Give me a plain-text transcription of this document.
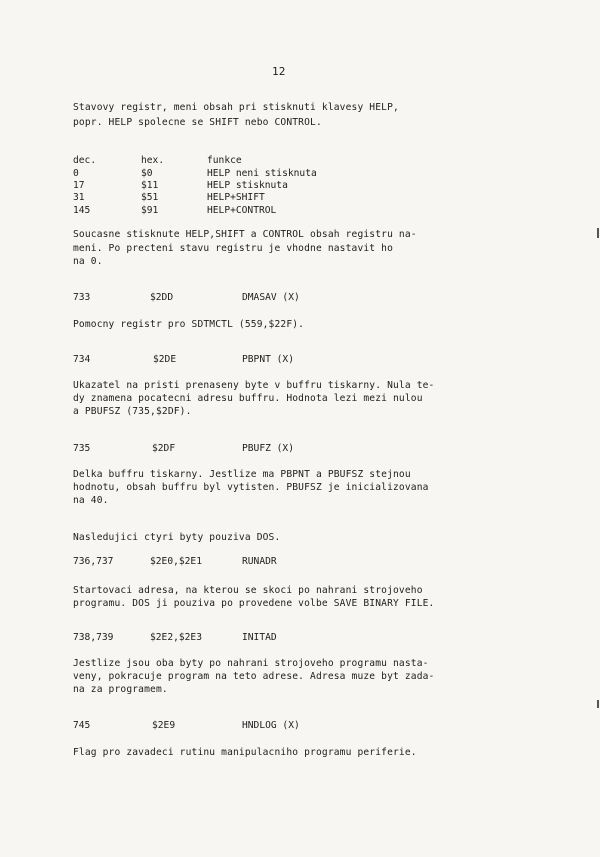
12
Stavovy registr, meni obsah pri stisknuti klavesy HELP,
popr. HELP spolecne se SHIFT nebo CONTROL.
dec.	hex.	funkce
0	$0	HELP neni stisknuta
17	$11	HELP stisknuta
31	$51	HELP+SHIFT
145	$91	HELP+CONTROL
Soucasne stisknute HELP,SHIFT a CONTROL obsah registru na-
meni. Po precteni stavu registru je vhodne nastavit ho
na 0.
733	$2DD	DMASAV (X)
Pomocny registr pro SDTMCTL (559,$22F).
734	$2DE	PBPNT (X)
Ukazatel na pristi prenaseny byte v buffru tiskarny. Nula te-
dy znamena pocatecni adresu buffru. Hodnota lezi mezi nulou
a PBUFSZ (735,$2DF).
735	$2DF	PBUFZ (X)
Delka buffru tiskarny. Jestlize ma PBPNT a PBUFSZ stejnou
hodnotu, obsah buffru byl vytisten. PBUFSZ je inicializovana
na 40.
Nasledujici ctyri byty pouziva DOS.
736,737	$2E0,$2E1	RUNADR
Startovaci adresa, na kterou se skoci po nahrani strojoveho
programu. DOS ji pouziva po provedene volbe SAVE BINARY FILE.
738,739	$2E2,$2E3	INITAD
Jestlize jsou oba byty po nahrani strojoveho programu nasta-
veny, pokracuje program na teto adrese. Adresa muze byt zada-
na za programem.
745	$2E9	HNDLOG (X)
Flag pro zavadeci rutinu manipulacniho programu periferie.
